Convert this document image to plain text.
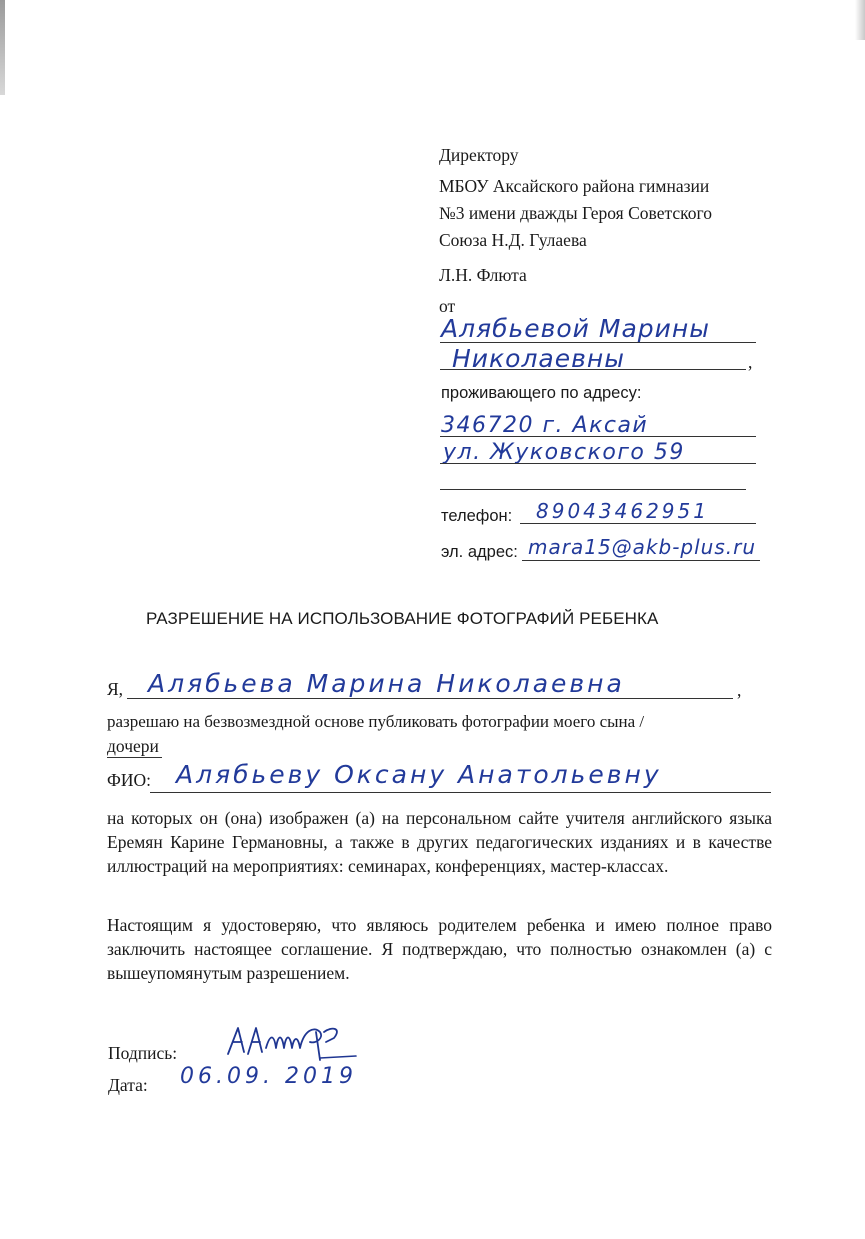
Директору
МБОУ Аксайского района гимназии
№3 имени дважды Героя Советского
Союза Н.Д. Гулаева
Л.Н. Флюта
от
Алябьевой Марины
Николаевны	,
проживающего по адресу:
346720 г. Аксай
ул. Жуковского 59
телефон: 89043462951
эл. адрес: mara15@akb-plus.ru
РАЗРЕШЕНИЕ НА ИСПОЛЬЗОВАНИЕ ФОТОГРАФИЙ РЕБЕНКА
Я, Алябьева Марина Николаевна	,
разрешаю на безвозмездной основе публиковать фотографии моего сына /
дочери
ФИО: Алябьеву Оксану Анатольевну
на которых он (она) изображен (а) на персональном сайте учителя английского языка Еремян Карине Германовны, а также в других педагогических изданиях и в качестве иллюстраций на мероприятиях: семинарах, конференциях, мастер-классах.
Настоящим я удостоверяю, что являюсь родителем ребенка и имею полное право заключить настоящее соглашение. Я подтверждаю, что полностью ознакомлен (а) с вышеупомянутым разрешением.
Подпись:
Дата: 06.09. 2019
